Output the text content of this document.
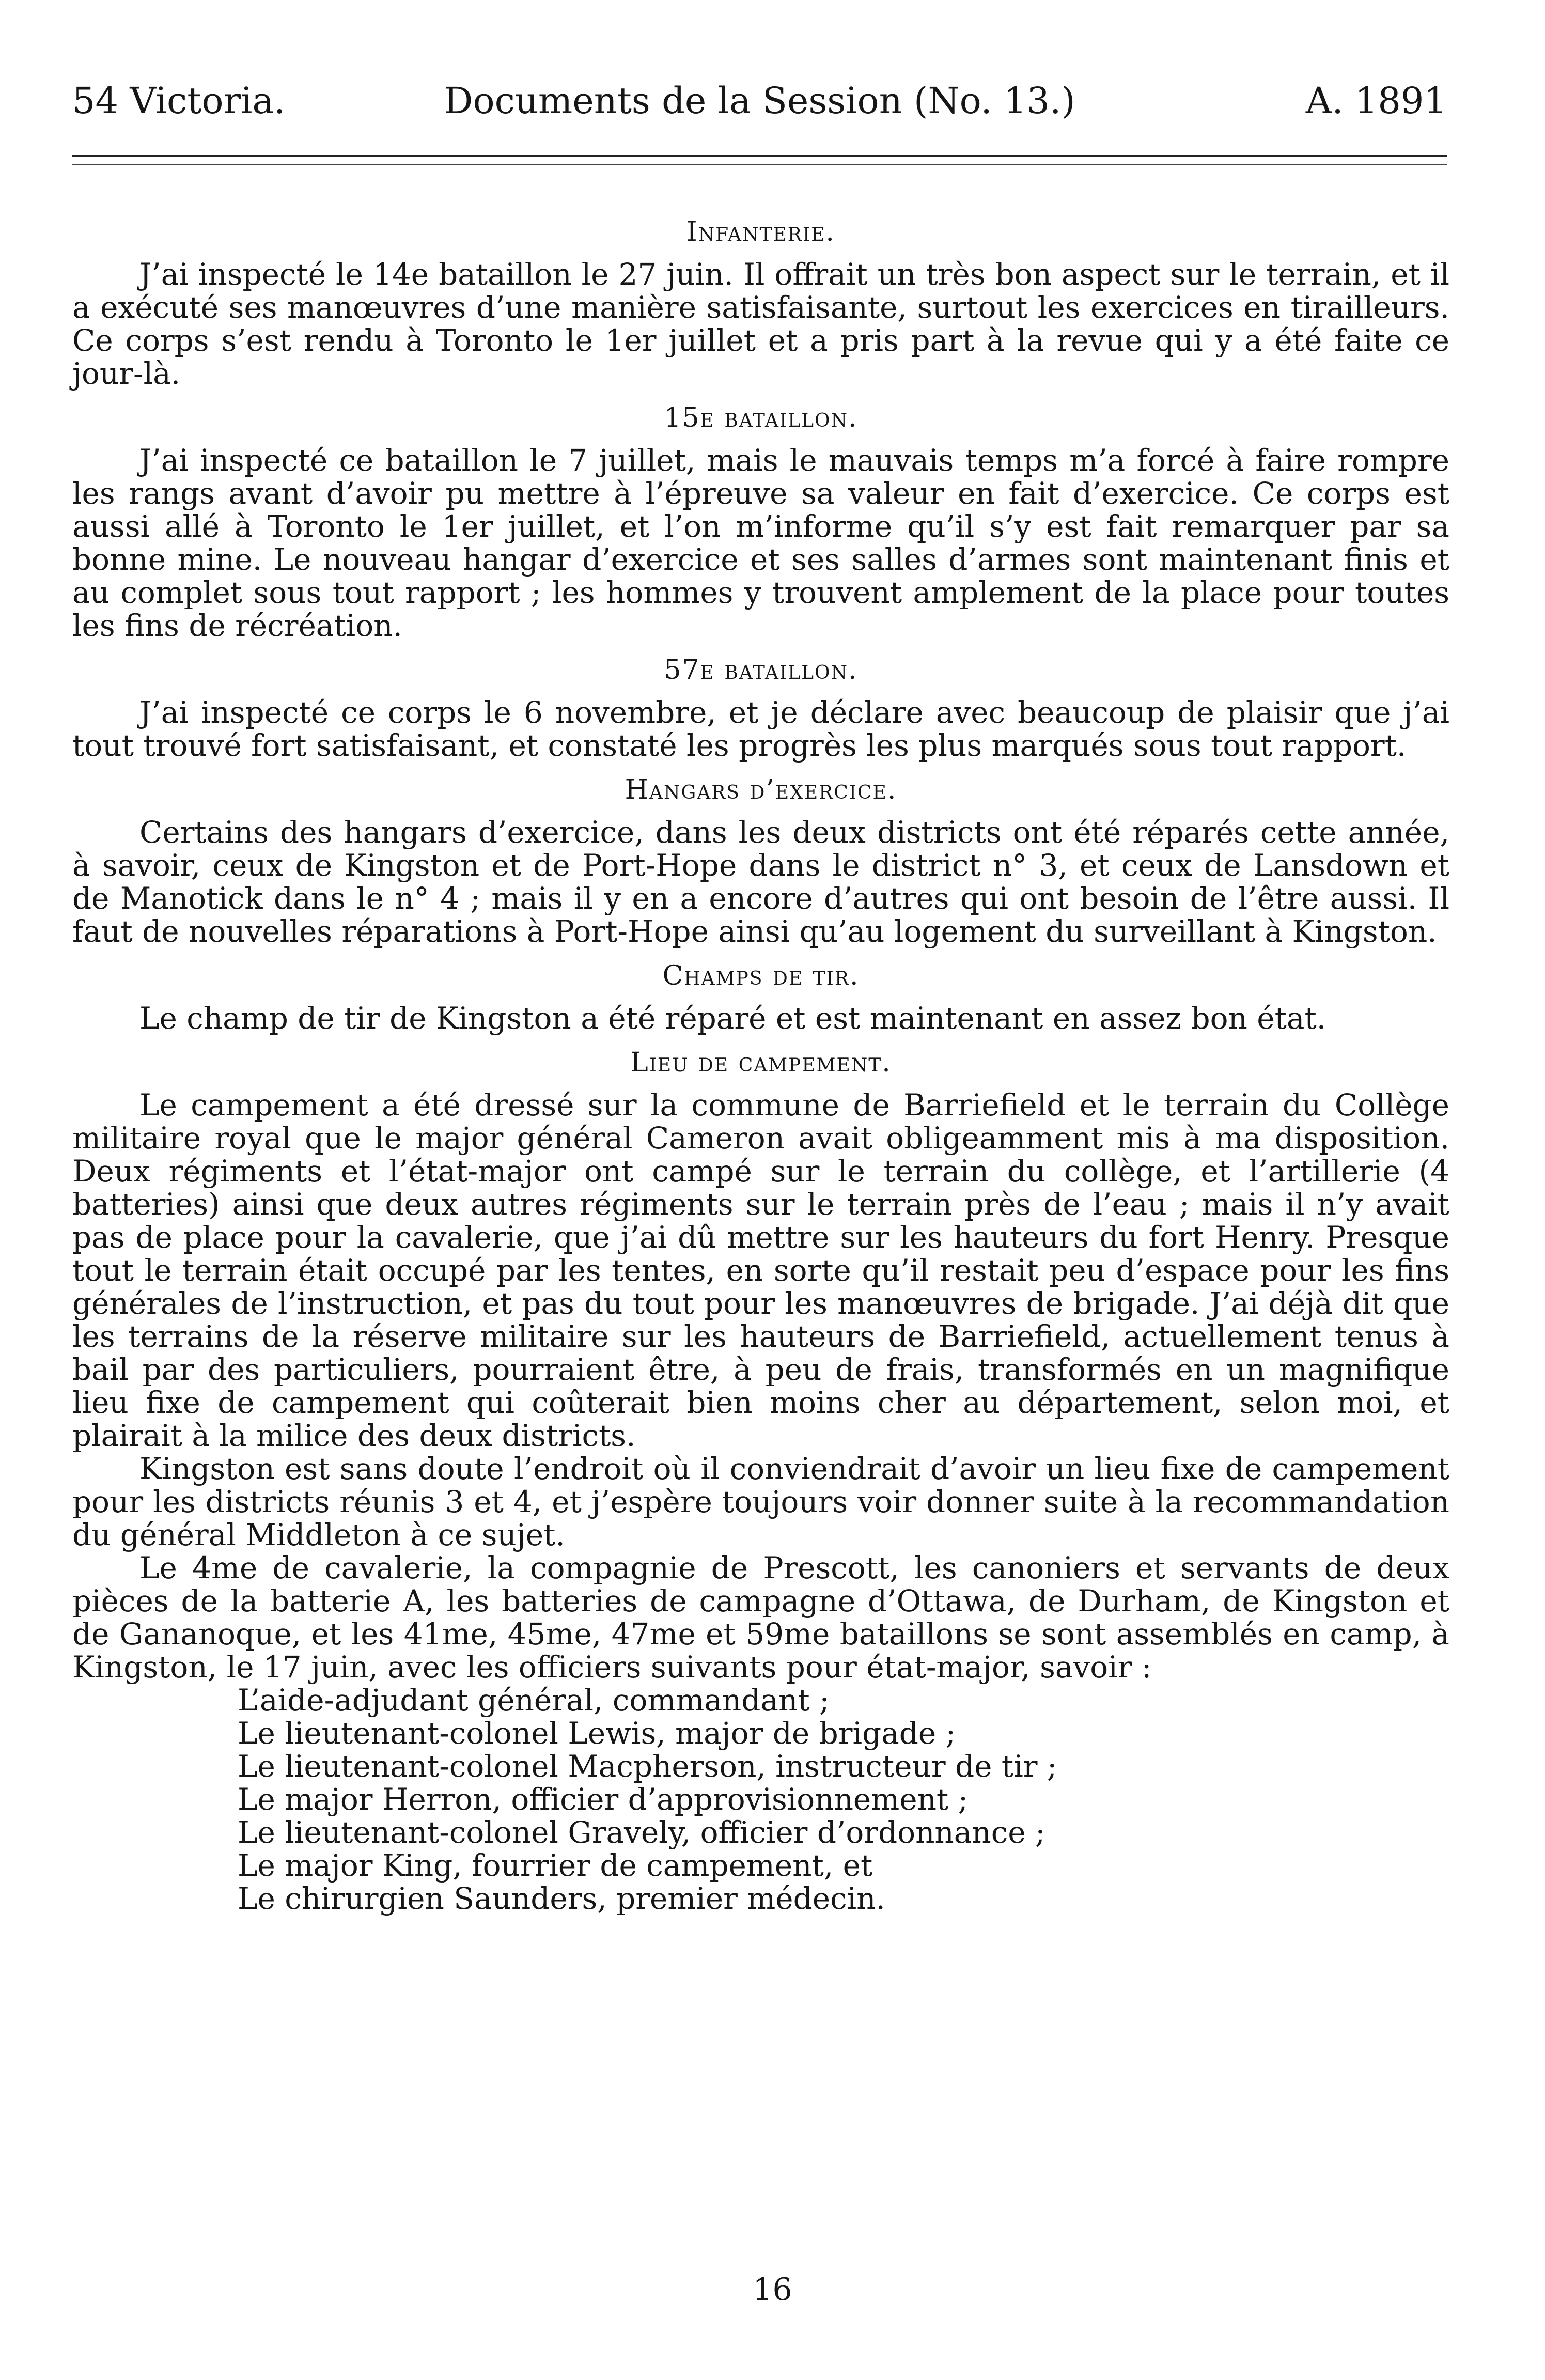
54 Victoria.	Documents de la Session (No. 13.)	A. 1891
Infanterie.

J’ai inspecté le 14e bataillon le 27 juin. Il offrait un très bon aspect sur le terrain, et il a exécuté ses manœuvres d’une manière satisfaisante, surtout les exercices en tirailleurs. Ce corps s’est rendu à Toronto le 1er juillet et a pris part à la revue qui y a été faite ce jour-là.

15e bataillon.

J’ai inspecté ce bataillon le 7 juillet, mais le mauvais temps m’a forcé à faire rompre les rangs avant d’avoir pu mettre à l’épreuve sa valeur en fait d’exercice. Ce corps est aussi allé à Toronto le 1er juillet, et l’on m’informe qu’il s’y est fait remarquer par sa bonne mine. Le nouveau hangar d’exercice et ses salles d’armes sont maintenant finis et au complet sous tout rapport ; les hommes y trouvent amplement de la place pour toutes les fins de récréation.

57e bataillon.

J’ai inspecté ce corps le 6 novembre, et je déclare avec beaucoup de plaisir que j’ai tout trouvé fort satisfaisant, et constaté les progrès les plus marqués sous tout rapport.

Hangars d’exercice.

Certains des hangars d’exercice, dans les deux districts ont été réparés cette année, à savoir, ceux de Kingston et de Port-Hope dans le district n° 3, et ceux de Lansdown et de Manotick dans le n° 4 ; mais il y en a encore d’autres qui ont besoin de l’être aussi. Il faut de nouvelles réparations à Port-Hope ainsi qu’au logement du surveillant à Kingston.

Champs de tir.

Le champ de tir de Kingston a été réparé et est maintenant en assez bon état.

Lieu de campement.

Le campement a été dressé sur la commune de Barriefield et le terrain du Collège militaire royal que le major général Cameron avait obligeamment mis à ma disposition. Deux régiments et l’état-major ont campé sur le terrain du collège, et l’artillerie (4 batteries) ainsi que deux autres régiments sur le terrain près de l’eau ; mais il n’y avait pas de place pour la cavalerie, que j’ai dû mettre sur les hauteurs du fort Henry. Presque tout le terrain était occupé par les tentes, en sorte qu’il restait peu d’espace pour les fins générales de l’instruction, et pas du tout pour les manœuvres de brigade. J’ai déjà dit que les terrains de la réserve militaire sur les hauteurs de Barriefield, actuellement tenus à bail par des particuliers, pourraient être, à peu de frais, transformés en un magnifique lieu fixe de campement qui coûterait bien moins cher au département, selon moi, et plairait à la milice des deux districts.

Kingston est sans doute l’endroit où il conviendrait d’avoir un lieu fixe de campement pour les districts réunis 3 et 4, et j’espère toujours voir donner suite à la recommandation du général Middleton à ce sujet.

Le 4me de cavalerie, la compagnie de Prescott, les canoniers et servants de deux pièces de la batterie A, les batteries de campagne d’Ottawa, de Durham, de Kingston et de Gananoque, et les 41me, 45me, 47me et 59me bataillons se sont assemblés en camp, à Kingston, le 17 juin, avec les officiers suivants pour état-major, savoir :

L’aide-adjudant général, commandant ;
Le lieutenant-colonel Lewis, major de brigade ;
Le lieutenant-colonel Macpherson, instructeur de tir ;
Le major Herron, officier d’approvisionnement ;
Le lieutenant-colonel Gravely, officier d’ordonnance ;
Le major King, fourrier de campement, et
Le chirurgien Saunders, premier médecin.
16
